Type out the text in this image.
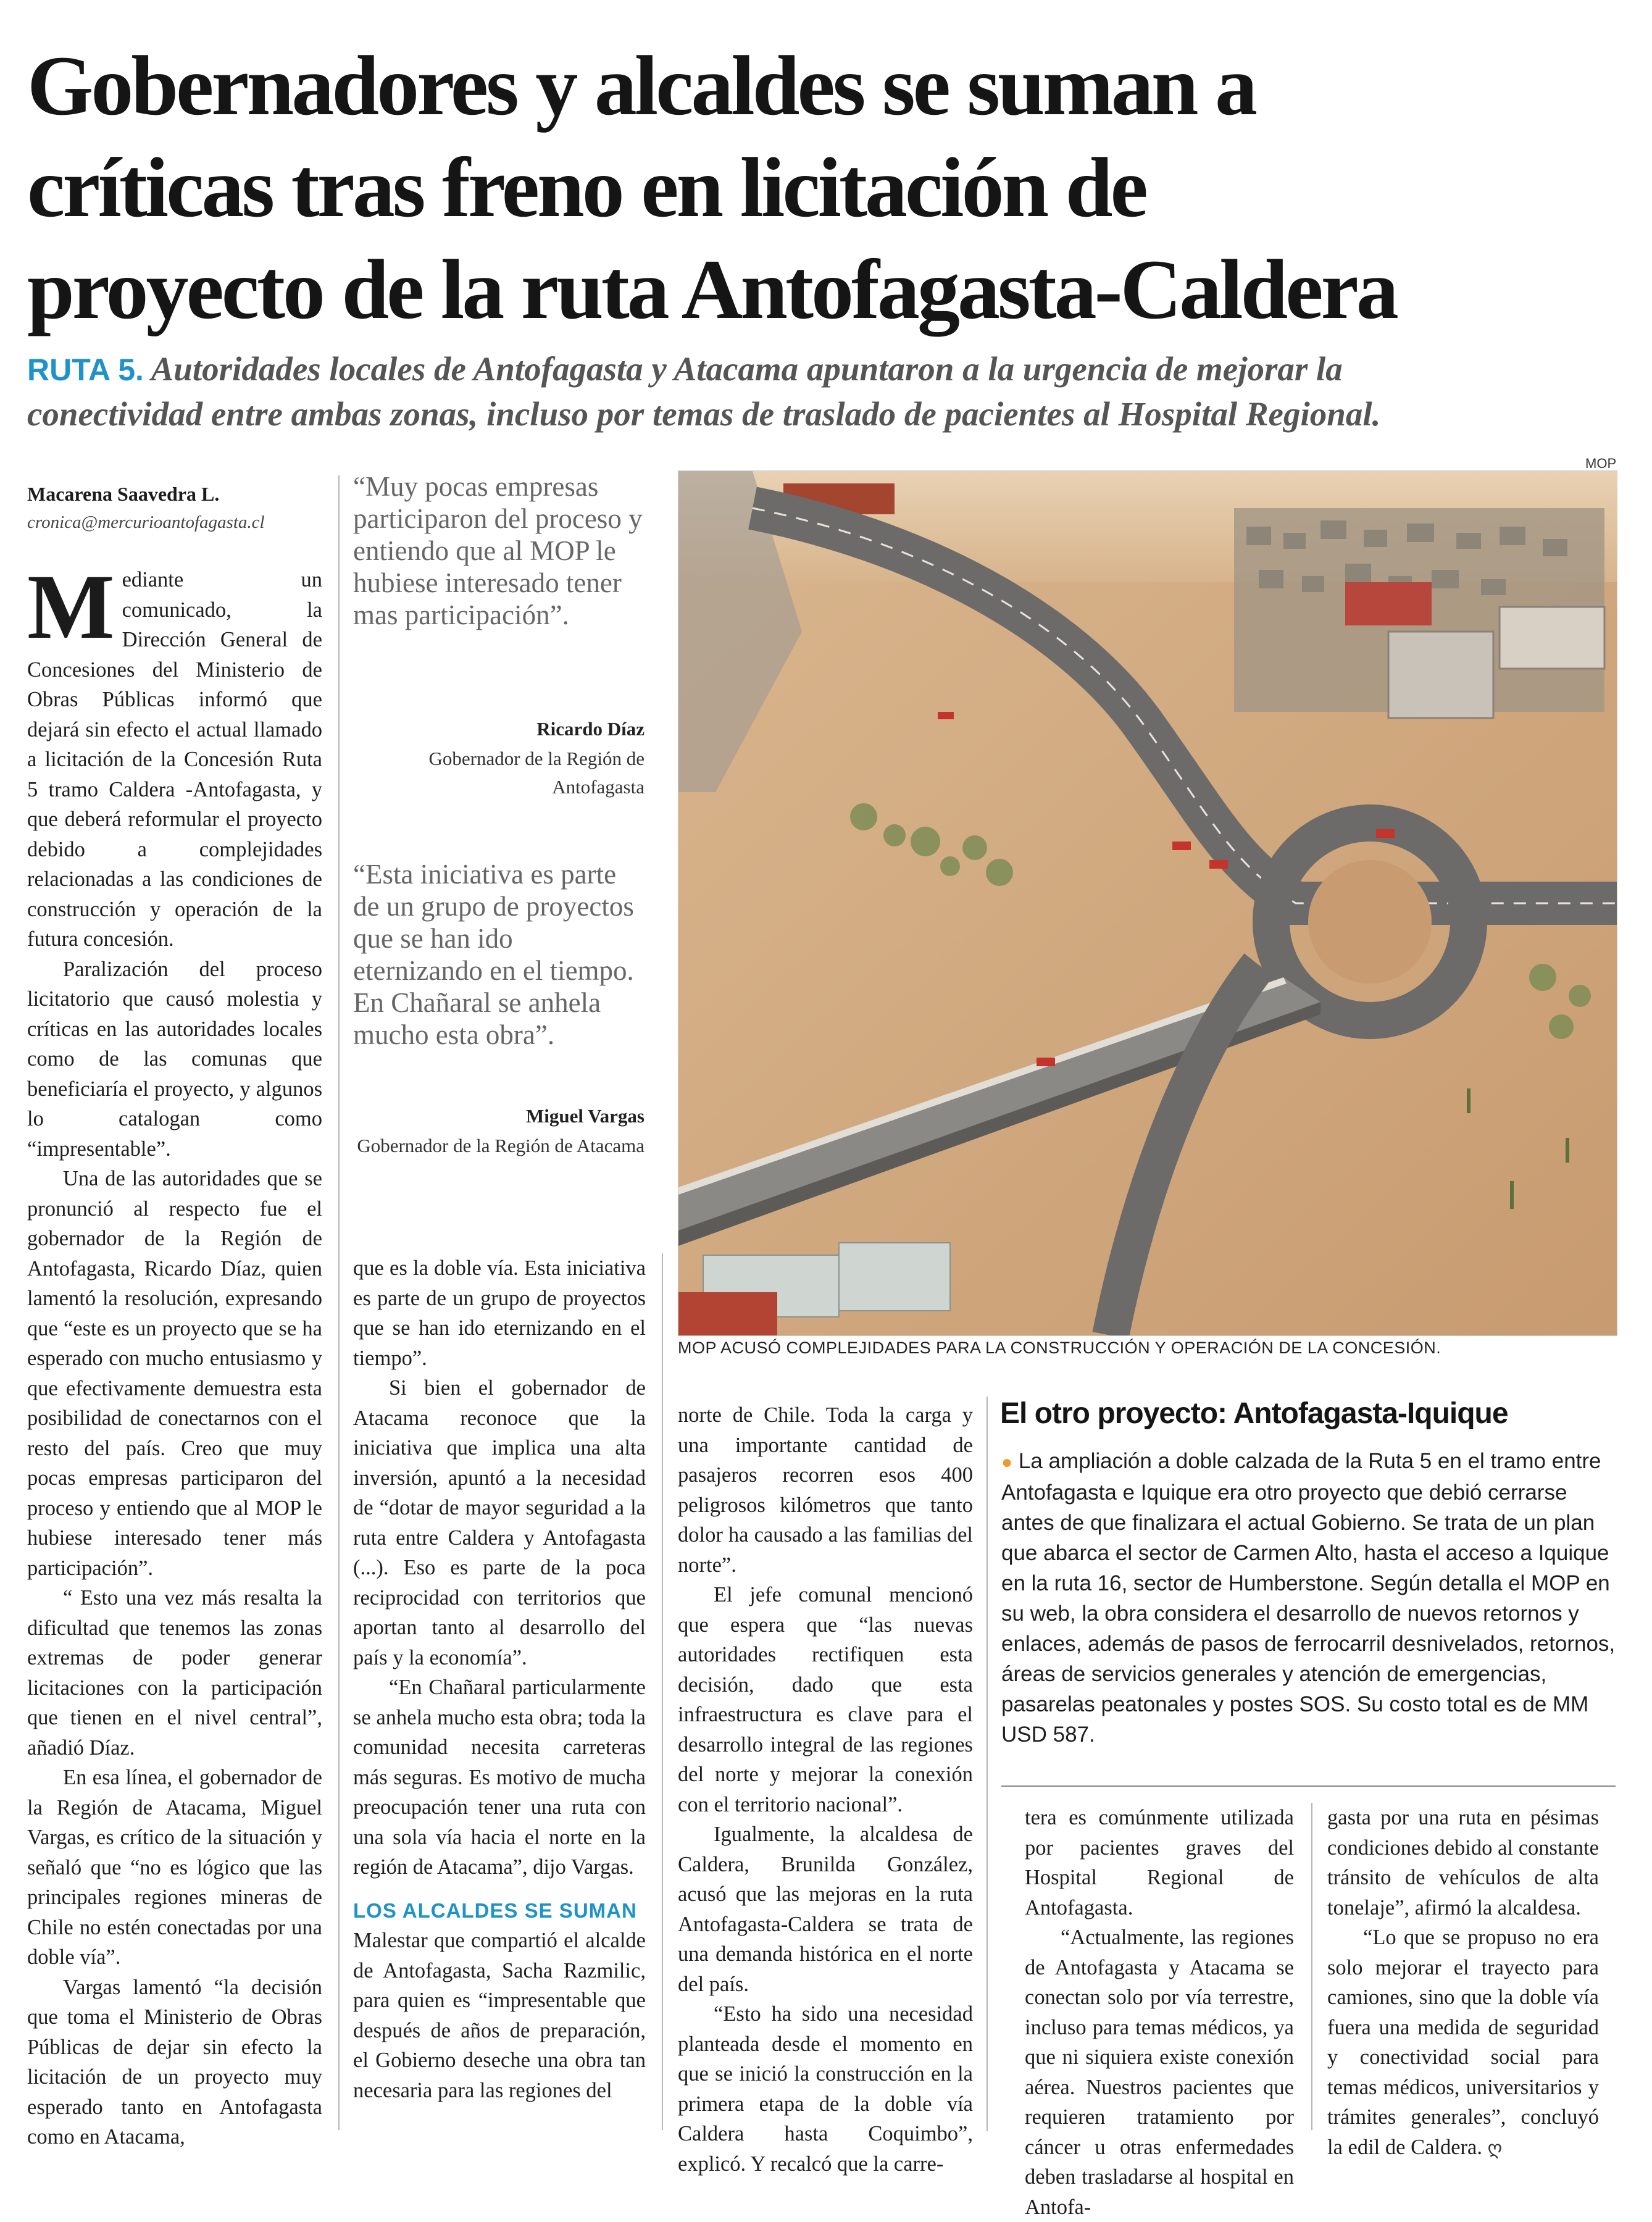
Gobernadores y alcaldes se suman a
críticas tras freno en licitación de
proyecto de la ruta Antofagasta-Caldera
RUTA 5. Autoridades locales de Antofagasta y Atacama apuntaron a la urgencia de mejorar la
conectividad entre ambas zonas, incluso por temas de traslado de pacientes al Hospital Regional.
Macarena Saavedra L.
cronica@mercurioantofagasta.cl

Mediante un comunicado, la Dirección General de Concesiones del Ministerio de Obras Públicas informó que dejará sin efecto el actual llamado a licitación de la Concesión Ruta 5 tramo Caldera -Antofagasta, y que deberá reformular el proyecto debido a complejidades relacionadas a las condiciones de construcción y operación de la futura concesión.

Paralización del proceso licitatorio que causó molestia y críticas en las autoridades locales como de las comunas que beneficiaría el proyecto, y algunos lo catalogan como “impresentable”.

Una de las autoridades que se pronunció al respecto fue el gobernador de la Región de Antofagasta, Ricardo Díaz, quien lamentó la resolución, expresando que “este es un proyecto que se ha esperado con mucho entusiasmo y que efectivamente demuestra esta posibilidad de conectarnos con el resto del país. Creo que muy pocas empresas participaron del proceso y entiendo que al MOP le hubiese interesado tener más participación”.

“ Esto una vez más resalta la dificultad que tenemos las zonas extremas de poder generar licitaciones con la participación que tienen en el nivel central”, añadió Díaz.

En esa línea, el gobernador de la Región de Atacama, Miguel Vargas, es crítico de la situación y señaló que “no es lógico que las principales regiones mineras de Chile no estén conectadas por una doble vía”.

Vargas lamentó “la decisión que toma el Ministerio de Obras Públicas de dejar sin efecto la licitación de un proyecto muy esperado tanto en Antofagasta como en Atacama,

“Muy pocas empresas participaron del proceso y entiendo que al MOP le hubiese interesado tener mas participación”.
Ricardo Díaz
Gobernador de la Región de Antofagasta
“Esta iniciativa es parte de un grupo de proyectos que se han ido eternizando en el tiempo. En Chañaral se anhela mucho esta obra”.
Miguel Vargas
Gobernador de la Región de Atacama

que es la doble vía. Esta iniciativa es parte de un grupo de proyectos que se han ido eternizando en el tiempo”.

Si bien el gobernador de Atacama reconoce que la iniciativa que implica una alta inversión, apuntó a la necesidad de “dotar de mayor seguridad a la ruta entre Caldera y Antofagasta (...). Eso es parte de la poca reciprocidad con territorios que aportan tanto al desarrollo del país y la economía”.

“En Chañaral particularmente se anhela mucho esta obra; toda la comunidad necesita carreteras más seguras. Es motivo de mucha preocupación tener una ruta con una sola vía hacia el norte en la región de Atacama”, dijo Vargas.

LOS ALCALDES SE SUMAN

Malestar que compartió el alcalde de Antofagasta, Sacha Razmilic, para quien es “impresentable que después de años de preparación, el Gobierno deseche una obra tan necesaria para las regiones del

MOP
MOP ACUSÓ COMPLEJIDADES PARA LA CONSTRUCCIÓN Y OPERACIÓN DE LA CONCESIÓN.

norte de Chile. Toda la carga y una importante cantidad de pasajeros recorren esos 400 peligrosos kilómetros que tanto dolor ha causado a las familias del norte”.

El jefe comunal mencionó que espera que “las nuevas autoridades rectifiquen esta decisión, dado que esta infraestructura es clave para el desarrollo integral de las regiones del norte y mejorar la conexión con el territorio nacional”.

Igualmente, la alcaldesa de Caldera, Brunilda González, acusó que las mejoras en la ruta Antofagasta-Caldera se trata de una demanda histórica en el norte del país.

“Esto ha sido una necesidad planteada desde el momento en que se inició la construcción en la primera etapa de la doble vía Caldera hasta Coquimbo”, explicó. Y recalcó que la carre-

El otro proyecto: Antofagasta-Iquique
● La ampliación a doble calzada de la Ruta 5 en el tramo entre Antofagasta e Iquique era otro proyecto que debió cerrarse antes de que finalizara el actual Gobierno. Se trata de un plan que abarca el sector de Carmen Alto, hasta el acceso a Iquique en la ruta 16, sector de Humberstone. Según detalla el MOP en su web, la obra considera el desarrollo de nuevos retornos y enlaces, además de pasos de ferrocarril desnivelados, retornos, áreas de servicios generales y atención de emergencias, pasarelas peatonales y postes SOS. Su costo total es de MM USD 587.

tera es comúnmente utilizada por pacientes graves del Hospital Regional de Antofagasta.

“Actualmente, las regiones de Antofagasta y Atacama se conectan solo por vía terrestre, incluso para temas médicos, ya que ni siquiera existe conexión aérea. Nuestros pacientes que requieren tratamiento por cáncer u otras enfermedades deben trasladarse al hospital en Antofa-

gasta por una ruta en pésimas condiciones debido al constante tránsito de vehículos de alta tonelaje”, afirmó la alcaldesa.

“Lo que se propuso no era solo mejorar el trayecto para camiones, sino que la doble vía fuera una medida de seguridad y conectividad social para temas médicos, universitarios y trámites generales”, concluyó la edil de Caldera. ღ
